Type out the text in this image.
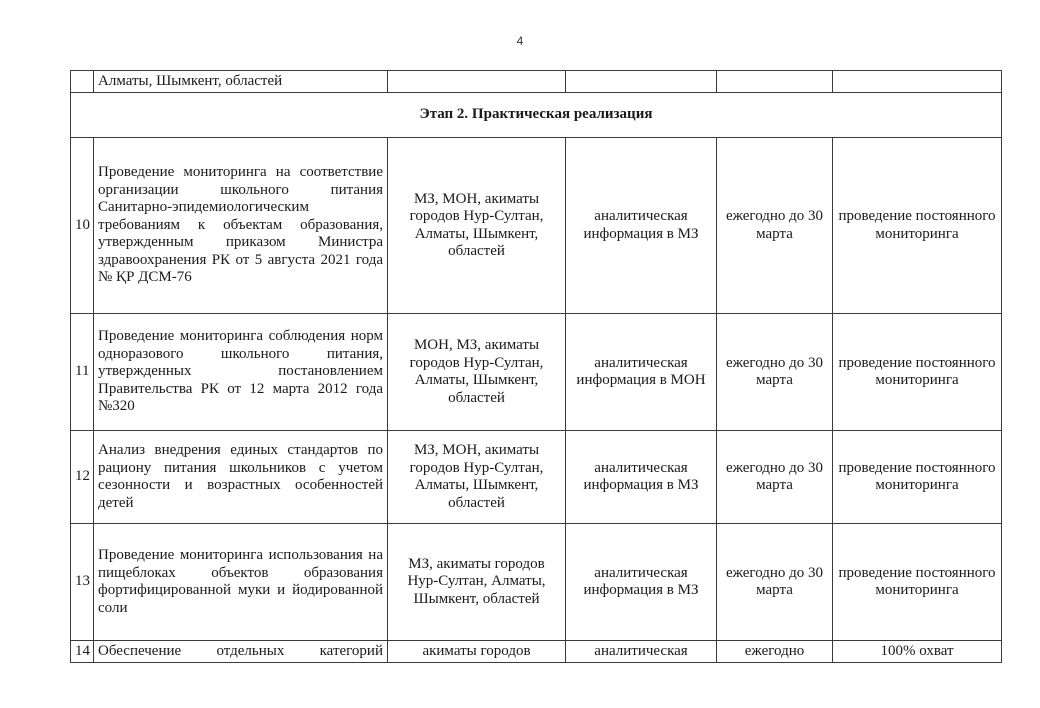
4
	Алматы, Шымкент, областей				
Этап 2. Практическая реализация					
10	Проведение мониторинга на соответствие организации школьного питания Санитарно-эпидемиологическим требованиям к объектам образования, утвержденным приказом Министра здравоохранения РК от 5 августа 2021 года № ҚР ДСМ-76	МЗ, МОН, акиматы городов Нур-Султан, Алматы, Шымкент, областей	аналитическая информация в МЗ	ежегодно до 30 марта	проведение постоянного мониторинга
11	Проведение мониторинга соблюдения норм одноразового школьного питания, утвержденных постановлением Правительства РК от 12 марта 2012 года №320	МОН, МЗ, акиматы городов Нур-Султан, Алматы, Шымкент, областей	аналитическая информация в МОН	ежегодно до 30 марта	проведение постоянного мониторинга
12	Анализ внедрения единых стандартов по рациону питания школьников с учетом сезонности и возрастных особенностей детей	МЗ, МОН, акиматы городов Нур-Султан, Алматы, Шымкент, областей	аналитическая информация в МЗ	ежегодно до 30 марта	проведение постоянного мониторинга
13	Проведение мониторинга использования на пищеблоках объектов образования фортифицированной муки и йодированной соли	МЗ, акиматы городов Нур-Султан, Алматы, Шымкент, областей	аналитическая информация в МЗ	ежегодно до 30 марта	проведение постоянного мониторинга
14	Обеспечение отдельных категорий	акиматы городов	аналитическая	ежегодно	100% охват
